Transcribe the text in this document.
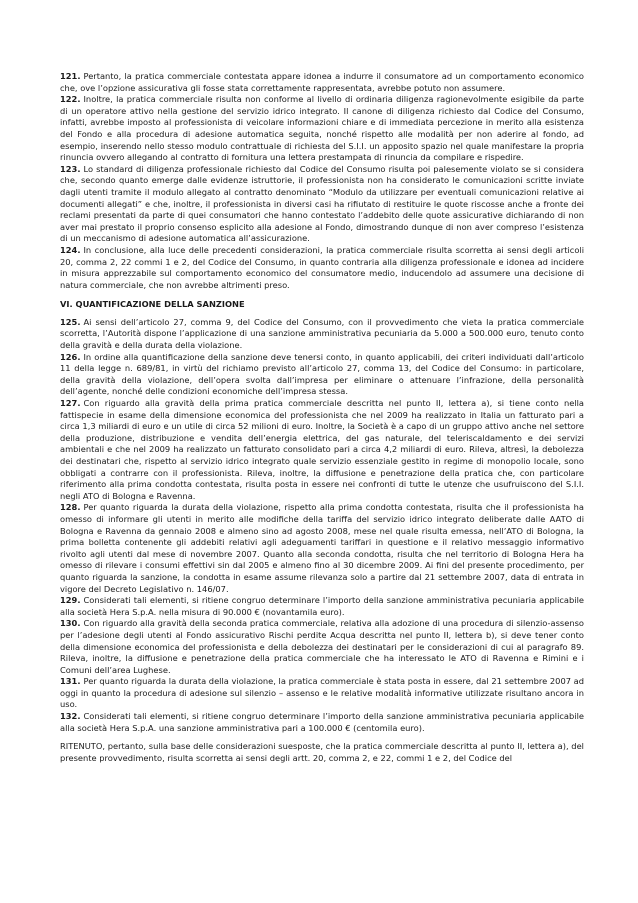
121. Pertanto, la pratica commerciale contestata appare idonea a indurre il consumatore ad un comportamento economico che, ove l’opzione assicurativa gli fosse stata correttamente rappresentata, avrebbe potuto non assumere.

122. Inoltre, la pratica commerciale risulta non conforme al livello di ordinaria diligenza ragionevolmente esigibile da parte di un operatore attivo nella gestione del servizio idrico integrato. Il canone di diligenza richiesto dal Codice del Consumo, infatti, avrebbe imposto al professionista di veicolare informazioni chiare e di immediata percezione in merito alla esistenza del Fondo e alla procedura di adesione automatica seguita, nonché rispetto alle modalità per non aderire al fondo, ad esempio, inserendo nello stesso modulo contrattuale di richiesta del S.I.I. un apposito spazio nel quale manifestare la propria rinuncia ovvero allegando al contratto di fornitura una lettera prestampata di rinuncia da compilare e rispedire.

123. Lo standard di diligenza professionale richiesto dal Codice del Consumo risulta poi palesemente violato se si considera che, secondo quanto emerge dalle evidenze istruttorie, il professionista non ha considerato le comunicazioni scritte inviate dagli utenti tramite il modulo allegato al contratto denominato “Modulo da utilizzare per eventuali comunicazioni relative ai documenti allegati” e che, inoltre, il professionista in diversi casi ha rifiutato di restituire le quote riscosse anche a fronte dei reclami presentati da parte di quei consumatori che hanno contestato l’addebito delle quote assicurative dichiarando di non aver mai prestato il proprio consenso esplicito alla adesione al Fondo, dimostrando dunque di non aver compreso l’esistenza di un meccanismo di adesione automatica all’assicurazione.

124. In conclusione, alla luce delle precedenti considerazioni, la pratica commerciale risulta scorretta ai sensi degli articoli 20, comma 2, 22 commi 1 e 2, del Codice del Consumo, in quanto contraria alla diligenza professionale e idonea ad incidere in misura apprezzabile sul comportamento economico del consumatore medio, inducendolo ad assumere una decisione di natura commerciale, che non avrebbe altrimenti preso.

VI. QUANTIFICAZIONE DELLA SANZIONE

125. Ai sensi dell’articolo 27, comma 9, del Codice del Consumo, con il provvedimento che vieta la pratica commerciale scorretta, l’Autorità dispone l’applicazione di una sanzione amministrativa pecuniaria da 5.000 a 500.000 euro, tenuto conto della gravità e della durata della violazione.

126. In ordine alla quantificazione della sanzione deve tenersi conto, in quanto applicabili, dei criteri individuati dall’articolo 11 della legge n. 689/81, in virtù del richiamo previsto all’articolo 27, comma 13, del Codice del Consumo: in particolare, della gravità della violazione, dell’opera svolta dall’impresa per eliminare o attenuare l’infrazione, della personalità dell’agente, nonché delle condizioni economiche dell’impresa stessa.

127. Con riguardo alla gravità della prima pratica commerciale descritta nel punto II, lettera a), si tiene conto nella fattispecie in esame della dimensione economica del professionista che nel 2009 ha realizzato in Italia un fatturato pari a circa 1,3 miliardi di euro e un utile di circa 52 milioni di euro. Inoltre, la Società è a capo di un gruppo attivo anche nel settore della produzione, distribuzione e vendita dell’energia elettrica, del gas naturale, del teleriscaldamento e dei servizi ambientali e che nel 2009 ha realizzato un fatturato consolidato pari a circa 4,2 miliardi di euro. Rileva, altresì, la debolezza dei destinatari che, rispetto al servizio idrico integrato quale servizio essenziale gestito in regime di monopolio locale, sono obbligati a contrarre con il professionista. Rileva, inoltre, la diffusione e penetrazione della pratica che, con particolare riferimento alla prima condotta contestata, risulta posta in essere nei confronti di tutte le utenze che usufruiscono del S.I.I. negli ATO di Bologna e Ravenna.

128. Per quanto riguarda la durata della violazione, rispetto alla prima condotta contestata, risulta che il professionista ha omesso di informare gli utenti in merito alle modifiche della tariffa del servizio idrico integrato deliberate dalle AATO di Bologna e Ravenna da gennaio 2008 e almeno sino ad agosto 2008, mese nel quale risulta emessa, nell’ATO di Bologna, la prima bolletta contenente gli addebiti relativi agli adeguamenti tariffari in questione e il relativo messaggio informativo rivolto agli utenti dal mese di novembre 2007. Quanto alla seconda condotta, risulta che nel territorio di Bologna Hera ha omesso di rilevare i consumi effettivi sin dal 2005 e almeno fino al 30 dicembre 2009. Ai fini del presente procedimento, per quanto riguarda la sanzione, la condotta in esame assume rilevanza solo a partire dal 21 settembre 2007, data di entrata in vigore del Decreto Legislativo n. 146/07.

129. Considerati tali elementi, si ritiene congruo determinare l’importo della sanzione amministrativa pecuniaria applicabile alla società Hera S.p.A. nella misura di 90.000 € (novantamila euro).

130. Con riguardo alla gravità della seconda pratica commerciale, relativa alla adozione di una procedura di silenzio-assenso per l’adesione degli utenti al Fondo assicurativo Rischi perdite Acqua descritta nel punto II, lettera b), si deve tener conto della dimensione economica del professionista e della debolezza dei destinatari per le considerazioni di cui al paragrafo 89. Rileva, inoltre, la diffusione e penetrazione della pratica commerciale che ha interessato le ATO di Ravenna e Rimini e i Comuni dell’area Lughese.

131. Per quanto riguarda la durata della violazione, la pratica commerciale è stata posta in essere, dal 21 settembre 2007 ad oggi in quanto la procedura di adesione sul silenzio – assenso e le relative modalità informative utilizzate risultano ancora in uso.

132. Considerati tali elementi, si ritiene congruo determinare l’importo della sanzione amministrativa pecuniaria applicabile alla società Hera S.p.A. una sanzione amministrativa pari a 100.000 € (centomila euro).

RITENUTO, pertanto, sulla base delle considerazioni suesposte, che la pratica commerciale descritta al punto II, lettera a), del presente provvedimento, risulta scorretta ai sensi degli artt. 20, comma 2, e 22, commi 1 e 2, del Codice del
